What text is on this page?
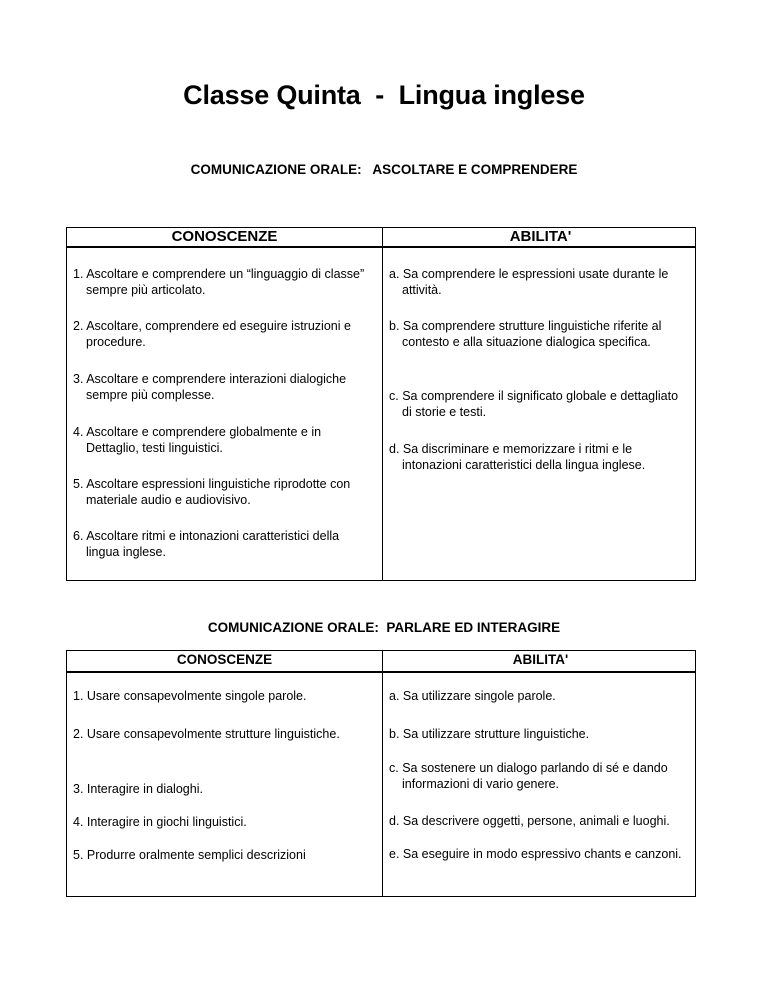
Classe Quinta  -  Lingua inglese
COMUNICAZIONE ORALE:   ASCOLTARE E COMPRENDERE
CONOSCENZE	ABILITA'
1. Ascoltare e comprendere un “linguaggio di classe” sempre più articolato.
2. Ascoltare, comprendere ed eseguire istruzioni e procedure.
3. Ascoltare e comprendere interazioni dialogiche sempre più complesse.
4. Ascoltare e comprendere globalmente e in Dettaglio, testi linguistici.
5. Ascoltare espressioni linguistiche riprodotte con materiale audio e audiovisivo.
6. Ascoltare ritmi e intonazioni caratteristici della lingua inglese.
a. Sa comprendere le espressioni usate durante le attività.
b. Sa comprendere strutture linguistiche riferite al contesto e alla situazione dialogica specifica.
c. Sa comprendere il significato globale e dettagliato di storie e testi.
d. Sa discriminare e memorizzare i ritmi e le intonazioni caratteristici della lingua inglese.
COMUNICAZIONE ORALE:  PARLARE ED INTERAGIRE
CONOSCENZE	ABILITA'
1. Usare consapevolmente singole parole.
2. Usare consapevolmente strutture linguistiche.
3. Interagire in dialoghi.
4. Interagire in giochi linguistici.
5. Produrre oralmente semplici descrizioni
a. Sa utilizzare singole parole.
b. Sa utilizzare strutture linguistiche.
c. Sa sostenere un dialogo parlando di sé e dando informazioni di vario genere.
d. Sa descrivere oggetti, persone, animali e luoghi.
e. Sa eseguire in modo espressivo chants e canzoni.
